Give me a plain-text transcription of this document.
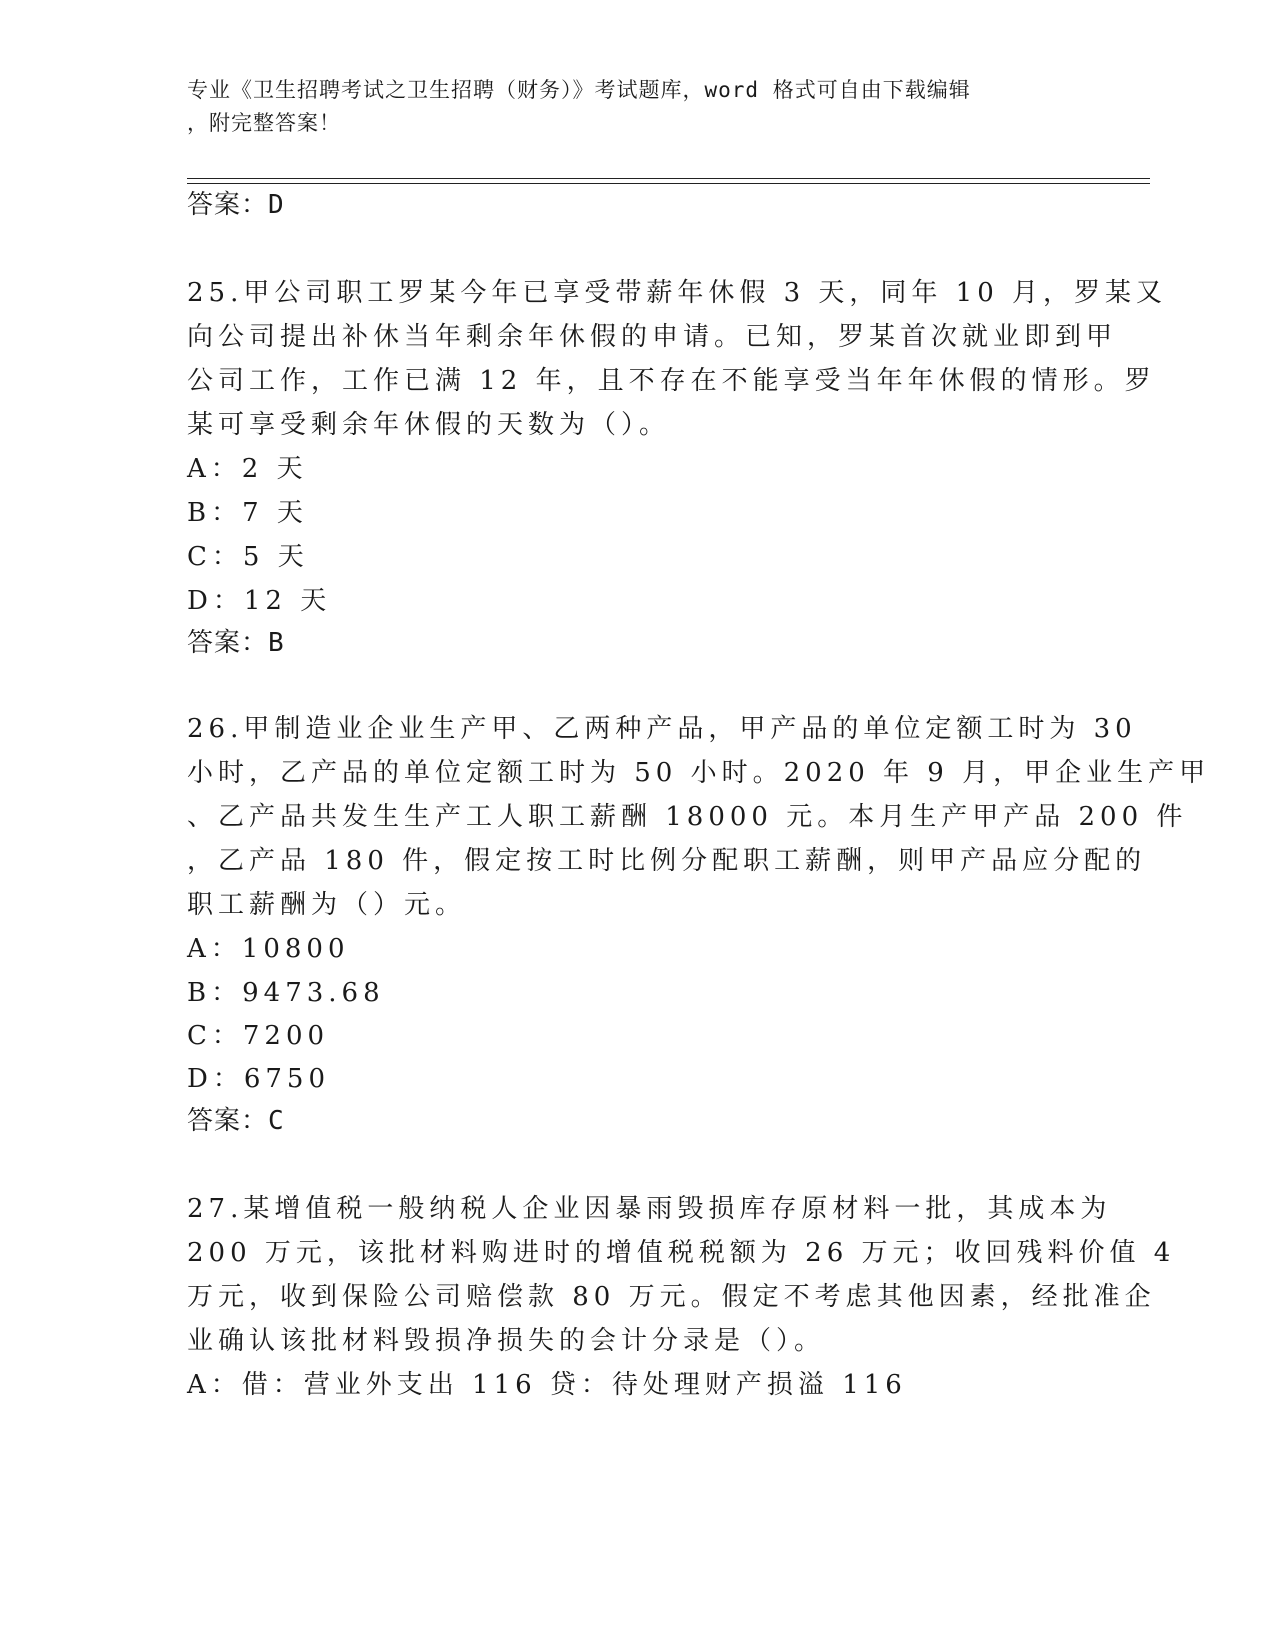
专业《卫生招聘考试之卫生招聘（财务）》考试题库，word 格式可自由下载编辑
，附完整答案！
答案：D
25.甲公司职工罗某今年已享受带薪年休假 3 天，同年 10 月，罗某又
向公司提出补休当年剩余年休假的申请。已知，罗某首次就业即到甲
公司工作，工作已满 12 年，且不存在不能享受当年年休假的情形。罗
某可享受剩余年休假的天数为（）。
A：2 天
B：7 天
C：5 天
D：12 天
答案：B
26.甲制造业企业生产甲、乙两种产品，甲产品的单位定额工时为 30
小时，乙产品的单位定额工时为 50 小时。2020 年 9 月，甲企业生产甲
、乙产品共发生生产工人职工薪酬 18000 元。本月生产甲产品 200 件
，乙产品 180 件，假定按工时比例分配职工薪酬，则甲产品应分配的
职工薪酬为（）元。
A：10800
B：9473.68
C：7200
D：6750
答案：C
27.某增值税一般纳税人企业因暴雨毁损库存原材料一批，其成本为
200 万元，该批材料购进时的增值税税额为 26 万元；收回残料价值 4
万元，收到保险公司赔偿款 80 万元。假定不考虑其他因素，经批准企
业确认该批材料毁损净损失的会计分录是（）。
A：借：营业外支出 116 贷：待处理财产损溢 116
